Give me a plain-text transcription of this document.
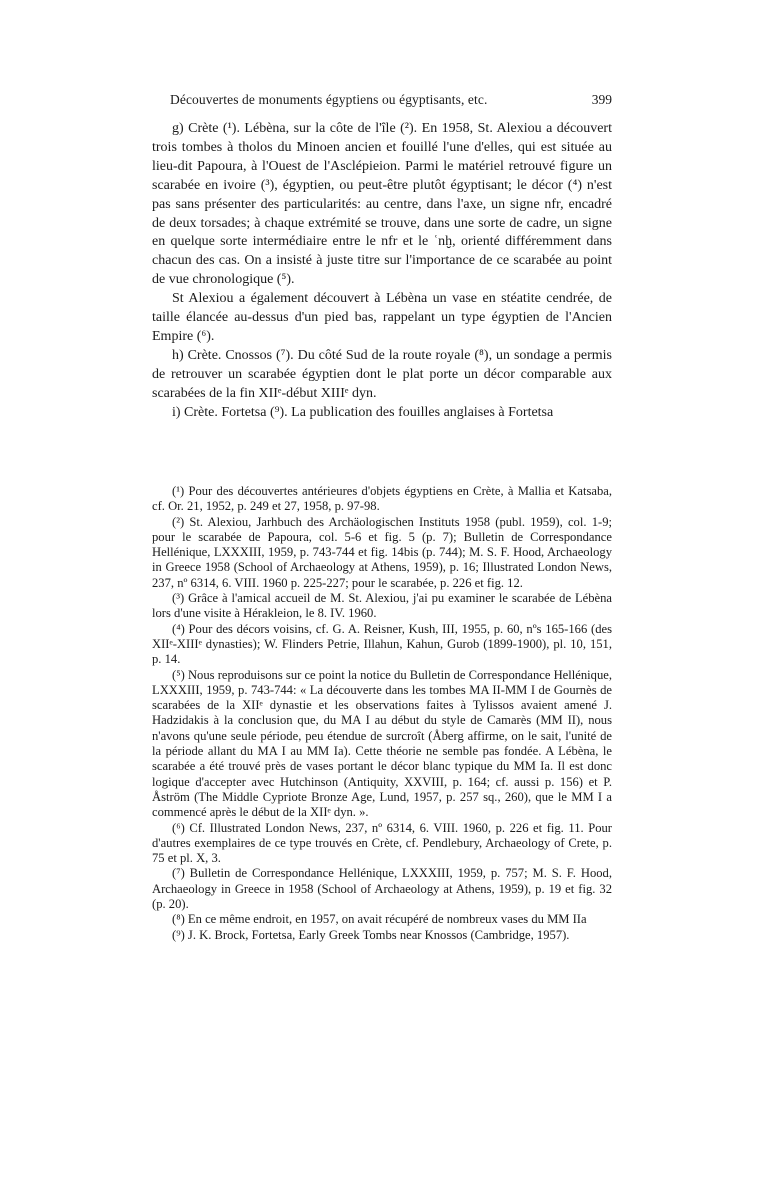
Découvertes de monuments égyptiens ou égyptisants, etc.	399

g) Crète (¹). Lébèna, sur la côte de l'île (²). En 1958, St. Alexiou a découvert trois tombes à tholos du Minoen ancien et fouillé l'une d'elles, qui est située au lieu-dit Papoura, à l'Ouest de l'Asclépieion. Parmi le matériel retrouvé figure un scarabée en ivoire (³), égyptien, ou peut-être plutôt égyptisant; le décor (⁴) n'est pas sans présenter des particularités: au centre, dans l'axe, un signe nfr, encadré de deux torsades; à chaque extrémité se trouve, dans une sorte de cadre, un signe en quelque sorte intermédiaire entre le nfr et le ʿnḫ, orienté différemment dans chacun des cas. On a insisté à juste titre sur l'importance de ce scarabée au point de vue chronologique (⁵).

St Alexiou a également découvert à Lébèna un vase en stéatite cendrée, de taille élancée au-dessus d'un pied bas, rappelant un type égyptien de l'Ancien Empire (⁶).

h) Crète. Cnossos (⁷). Du côté Sud de la route royale (⁸), un sondage a permis de retrouver un scarabée égyptien dont le plat porte un décor comparable aux scarabées de la fin XIIᵉ-début XIIIᵉ dyn.

i) Crète. Fortetsa (⁹). La publication des fouilles anglaises à Fortetsa

(¹) Pour des découvertes antérieures d'objets égyptiens en Crète, à Mallia et Katsaba, cf. Or. 21, 1952, p. 249 et 27, 1958, p. 97-98.

(²) St. Alexiou, Jarhbuch des Archäologischen Instituts 1958 (publ. 1959), col. 1-9; pour le scarabée de Papoura, col. 5-6 et fig. 5 (p. 7); Bulletin de Correspondance Hellénique, LXXXIII, 1959, p. 743-744 et fig. 14bis (p. 744); M. S. F. Hood, Archaeology in Greece 1958 (School of Archaeology at Athens, 1959), p. 16; Illustrated London News, 237, nº 6314, 6. VIII. 1960 p. 225-227; pour le scarabée, p. 226 et fig. 12.

(³) Grâce à l'amical accueil de M. St. Alexiou, j'ai pu examiner le scarabée de Lébèna lors d'une visite à Hérakleion, le 8. IV. 1960.

(⁴) Pour des décors voisins, cf. G. A. Reisner, Kush, III, 1955, p. 60, nºs 165-166 (des XIIᵉ-XIIIᵉ dynasties); W. Flinders Petrie, Illahun, Kahun, Gurob (1899-1900), pl. 10, 151, p. 14.

(⁵) Nous reproduisons sur ce point la notice du Bulletin de Correspondance Hellénique, LXXXIII, 1959, p. 743-744: « La découverte dans les tombes MA II-MM I de Gournès de scarabées de la XIIᵉ dynastie et les observations faites à Tylissos avaient amené J. Hadzidakis à la conclusion que, du MA I au début du style de Camarès (MM II), nous n'avons qu'une seule période, peu étendue de surcroît (Åberg affirme, on le sait, l'unité de la période allant du MA I au MM Ia). Cette théorie ne semble pas fondée. A Lébèna, le scarabée a été trouvé près de vases portant le décor blanc typique du MM Ia. Il est donc logique d'accepter avec Hutchinson (Antiquity, XXVIII, p. 164; cf. aussi p. 156) et P. Åström (The Middle Cypriote Bronze Age, Lund, 1957, p. 257 sq., 260), que le MM I a commencé après le début de la XIIᵉ dyn. ».

(⁶) Cf. Illustrated London News, 237, nº 6314, 6. VIII. 1960, p. 226 et fig. 11. Pour d'autres exemplaires de ce type trouvés en Crète, cf. Pendlebury, Archaeology of Crete, p. 75 et pl. X, 3.

(⁷) Bulletin de Correspondance Hellénique, LXXXIII, 1959, p. 757; M. S. F. Hood, Archaeology in Greece in 1958 (School of Archaeology at Athens, 1959), p. 19 et fig. 32 (p. 20).

(⁸) En ce même endroit, en 1957, on avait récupéré de nombreux vases du MM IIa

(⁹) J. K. Brock, Fortetsa, Early Greek Tombs near Knossos (Cambridge, 1957).
